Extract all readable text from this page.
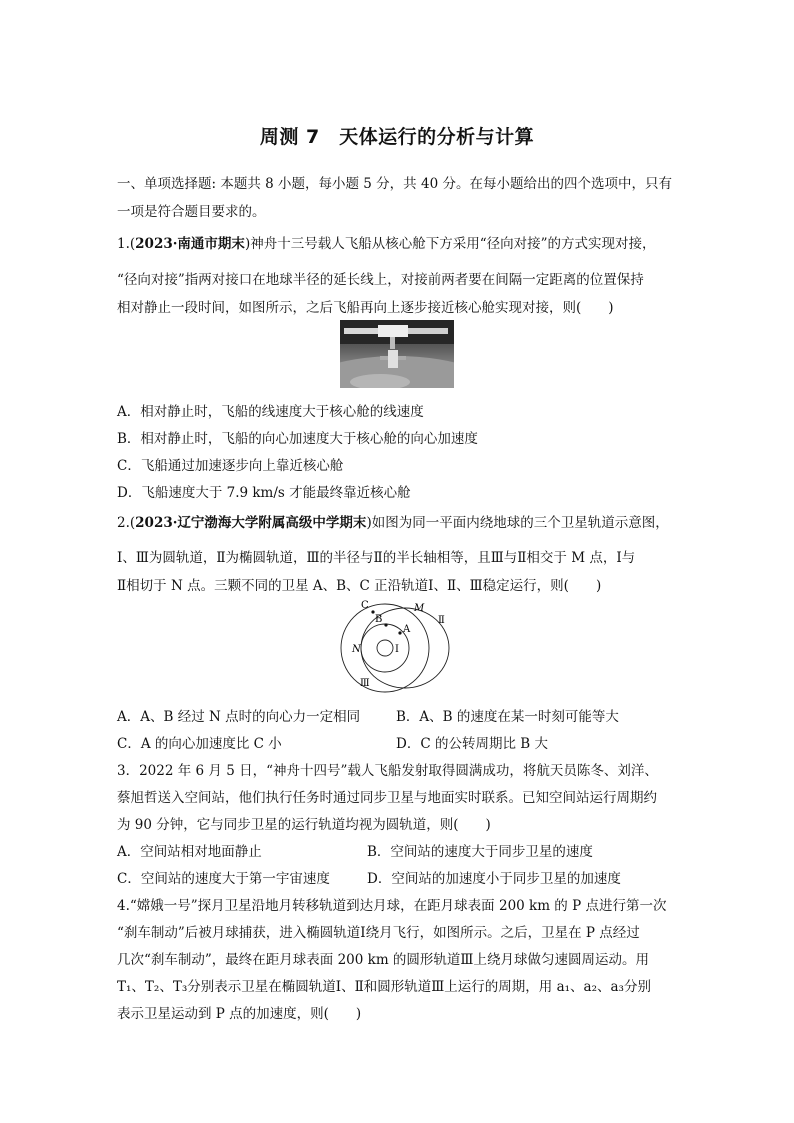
周测 7　天体运行的分析与计算
一、单项选择题: 本题共 8 小题，每小题 5 分，共 40 分。在每小题给出的四个选项中，只有
一项是符合题目要求的。
1.(2023·南通市期末)神舟十三号载人飞船从核心舱下方采用“径向对接”的方式实现对接，
“径向对接”指两对接口在地球半径的延长线上，对接前两者要在间隔一定距离的位置保持
相对静止一段时间，如图所示，之后飞船再向上逐步接近核心舱实现对接，则(　　)
A．相对静止时，飞船的线速度大于核心舱的线速度
B．相对静止时，飞船的向心加速度大于核心舱的向心加速度
C．飞船通过加速逐步向上靠近核心舱
D．飞船速度大于 7.9 km/s 才能最终靠近核心舱
2.(2023·辽宁渤海大学附属高级中学期末)如图为同一平面内绕地球的三个卫星轨道示意图，
Ⅰ、Ⅲ为圆轨道，Ⅱ为椭圆轨道，Ⅲ的半径与Ⅱ的半长轴相等，且Ⅲ与Ⅱ相交于 M 点，Ⅰ与
Ⅱ相切于 N 点。三颗不同的卫星 A、B、C 正沿轨道Ⅰ、Ⅱ、Ⅲ稳定运行，则(　　)
C
B
A
M
N	Ⅰ
Ⅱ
Ⅲ
A．A、B 经过 N 点时的向心力一定相同	B．A、B 的速度在某一时刻可能等大
C．A 的向心加速度比 C 小	D．C 的公转周期比 B 大
3．2022 年 6 月 5 日，“神舟十四号”载人飞船发射取得圆满成功，将航天员陈冬、刘洋、
蔡旭哲送入空间站，他们执行任务时通过同步卫星与地面实时联系。已知空间站运行周期约
为 90 分钟，它与同步卫星的运行轨道均视为圆轨道，则(　　)
A．空间站相对地面静止	B．空间站的速度大于同步卫星的速度
C．空间站的速度大于第一宇宙速度	D．空间站的加速度小于同步卫星的加速度
4.“嫦娥一号”探月卫星沿地月转移轨道到达月球，在距月球表面 200 km 的 P 点进行第一次
“刹车制动”后被月球捕获，进入椭圆轨道Ⅰ绕月飞行，如图所示。之后，卫星在 P 点经过
几次“刹车制动”，最终在距月球表面 200 km 的圆形轨道Ⅲ上绕月球做匀速圆周运动。用
T₁、T₂、T₃分别表示卫星在椭圆轨道Ⅰ、Ⅱ和圆形轨道Ⅲ上运行的周期，用 a₁、a₂、a₃分别
表示卫星运动到 P 点的加速度，则(　　)
